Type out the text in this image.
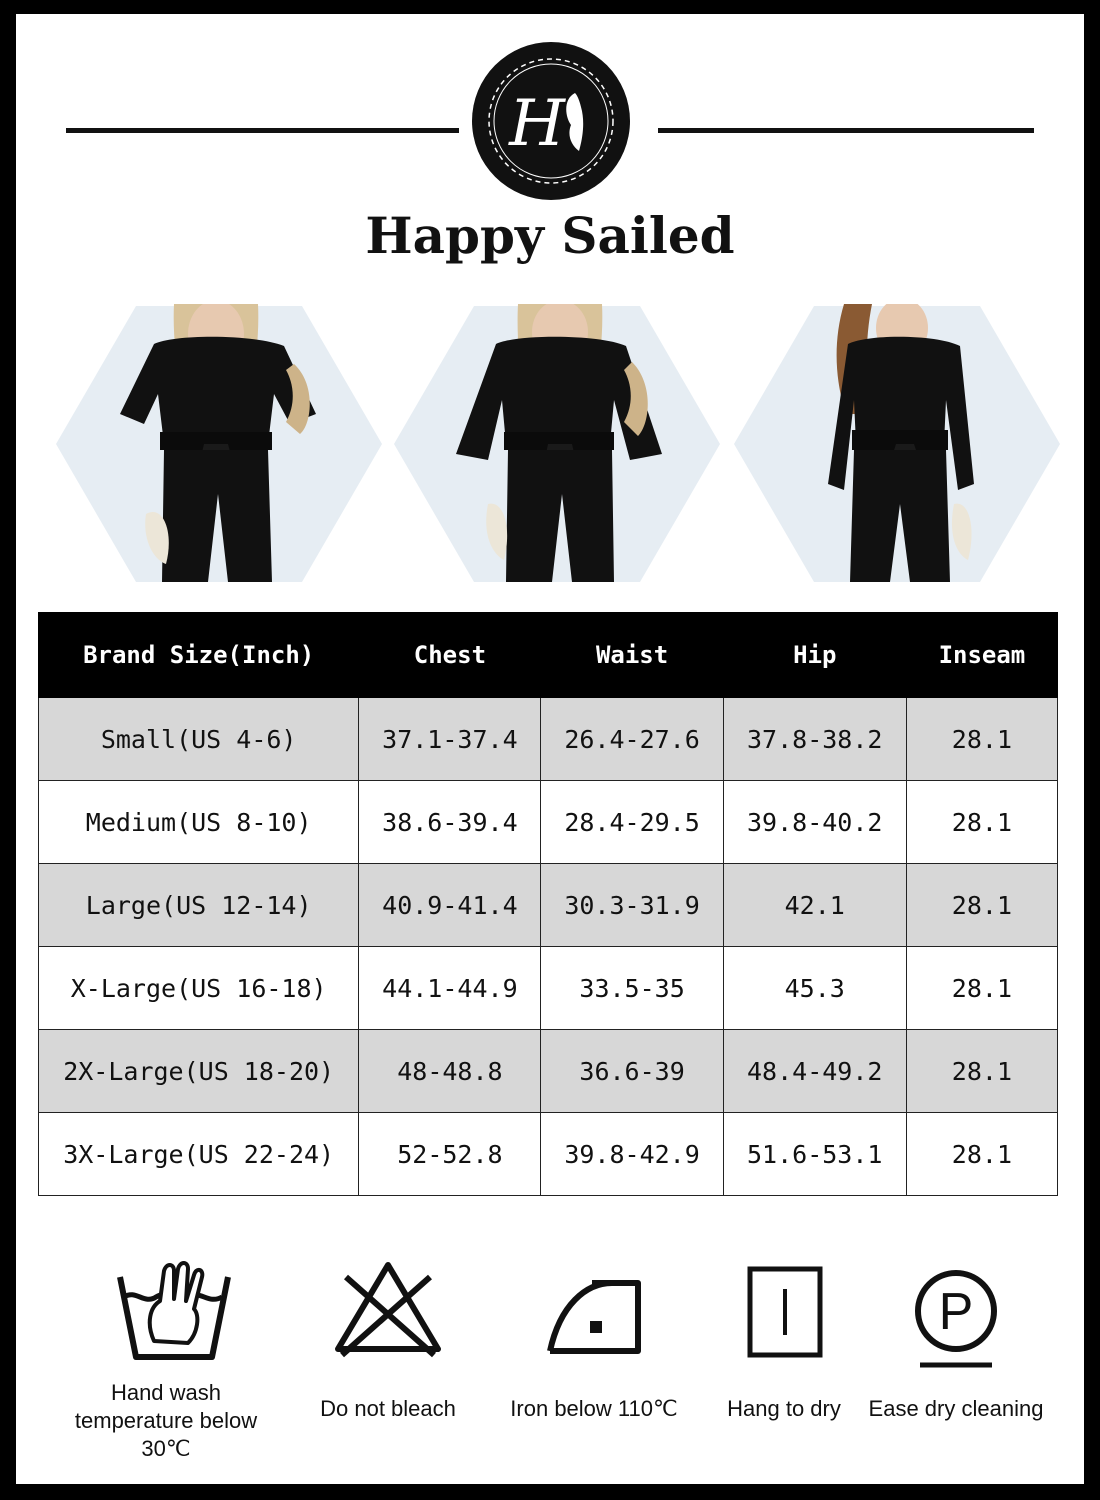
H
Happy Sailed
Brand Size(Inch)	Chest	Waist	Hip	Inseam
Small(US 4-6)	37.1-37.4	26.4-27.6	37.8-38.2	28.1
Medium(US 8-10)	38.6-39.4	28.4-29.5	39.8-40.2	28.1
Large(US 12-14)	40.9-41.4	30.3-31.9	42.1	28.1
X-Large(US 16-18)	44.1-44.9	33.5-35	45.3	28.1
2X-Large(US 18-20)	48-48.8	36.6-39	48.4-49.2	28.1
3X-Large(US 22-24)	52-52.8	39.8-42.9	51.6-53.1	28.1
Hand wash
temperature below 30℃
Do not bleach	Iron below 110℃	Hang to dry
P
Ease dry cleaning
